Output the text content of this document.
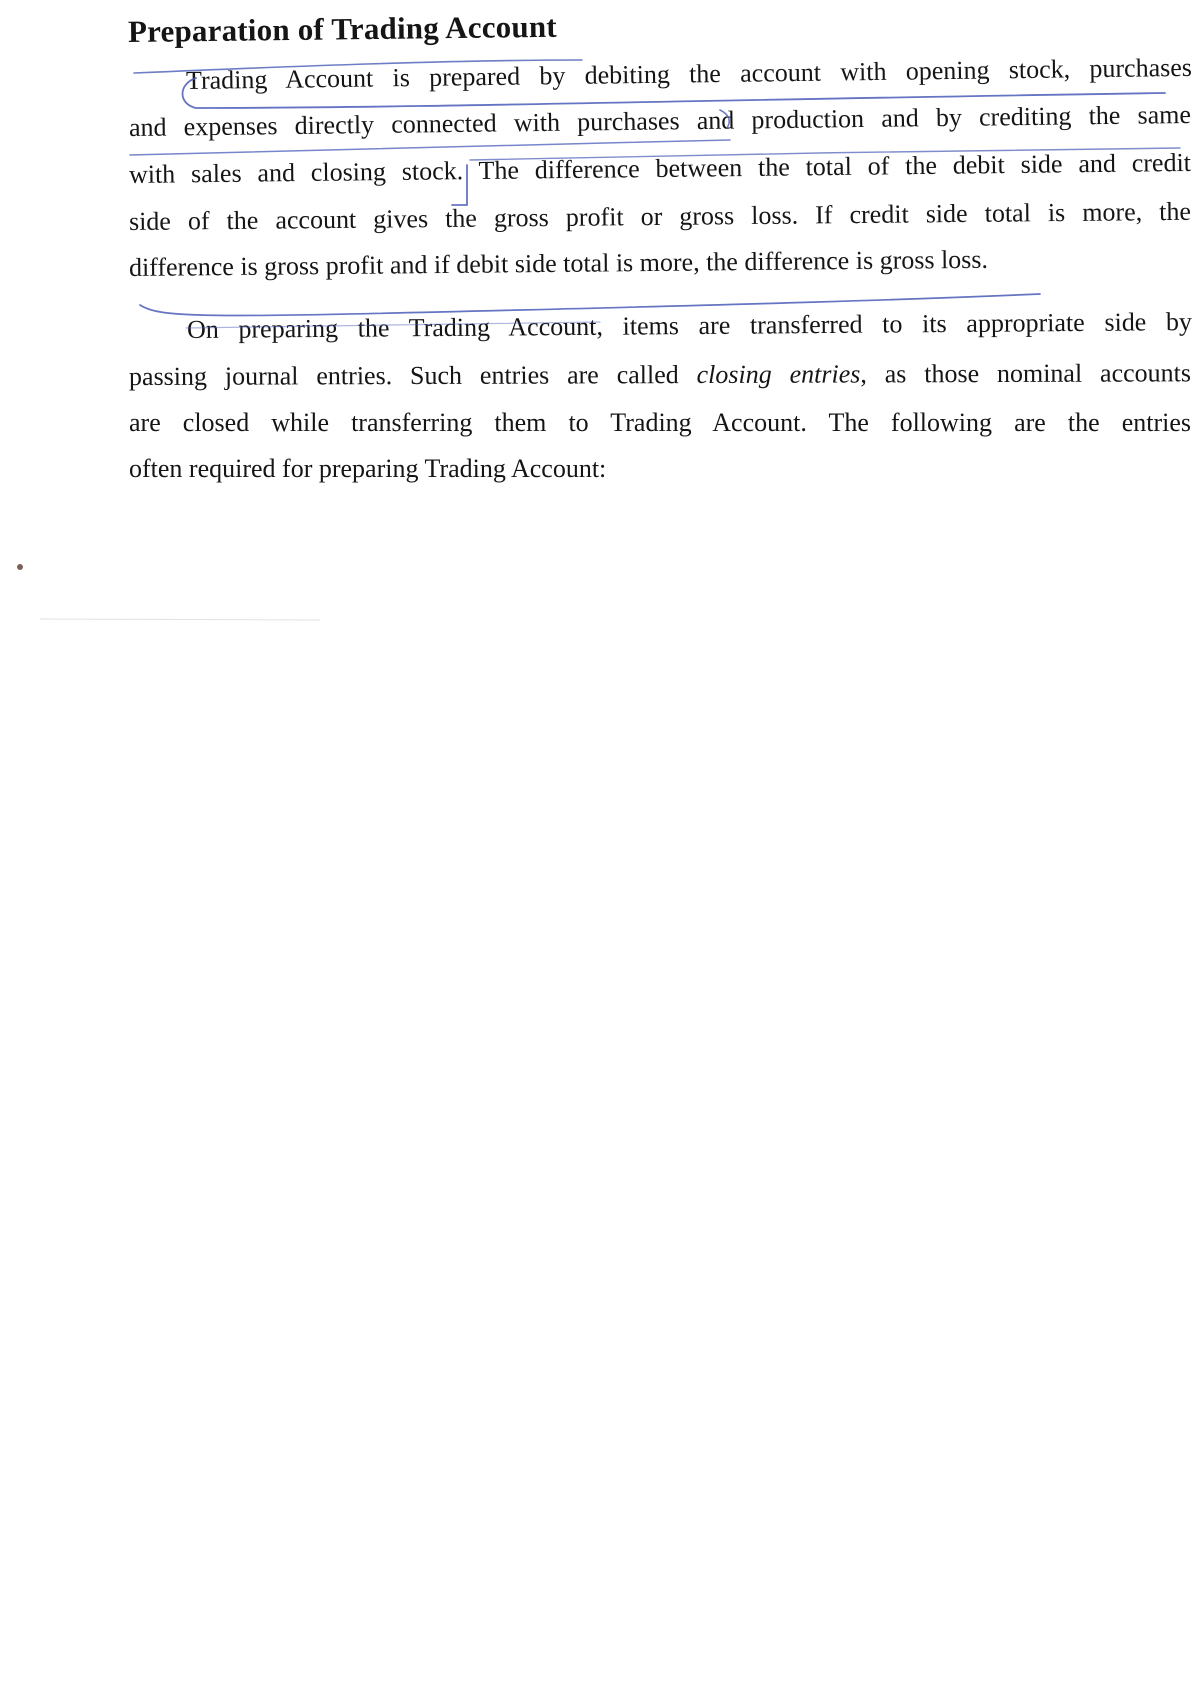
Preparation of Trading Account
Trading Account is prepared by debiting the account with opening stock, purchases
and expenses directly connected with purchases and production and by crediting the same
with sales and closing stock. The difference between the total of the debit side and credit
side of the account gives the gross profit or gross loss. If credit side total is more, the
difference is gross profit and if debit side total is more, the difference is gross loss.
On preparing the Trading Account, items are transferred to its appropriate side by
passing journal entries. Such entries are called closing entries, as those nominal accounts
are closed while transferring them to Trading Account. The following are the entries
often required for preparing Trading Account:
